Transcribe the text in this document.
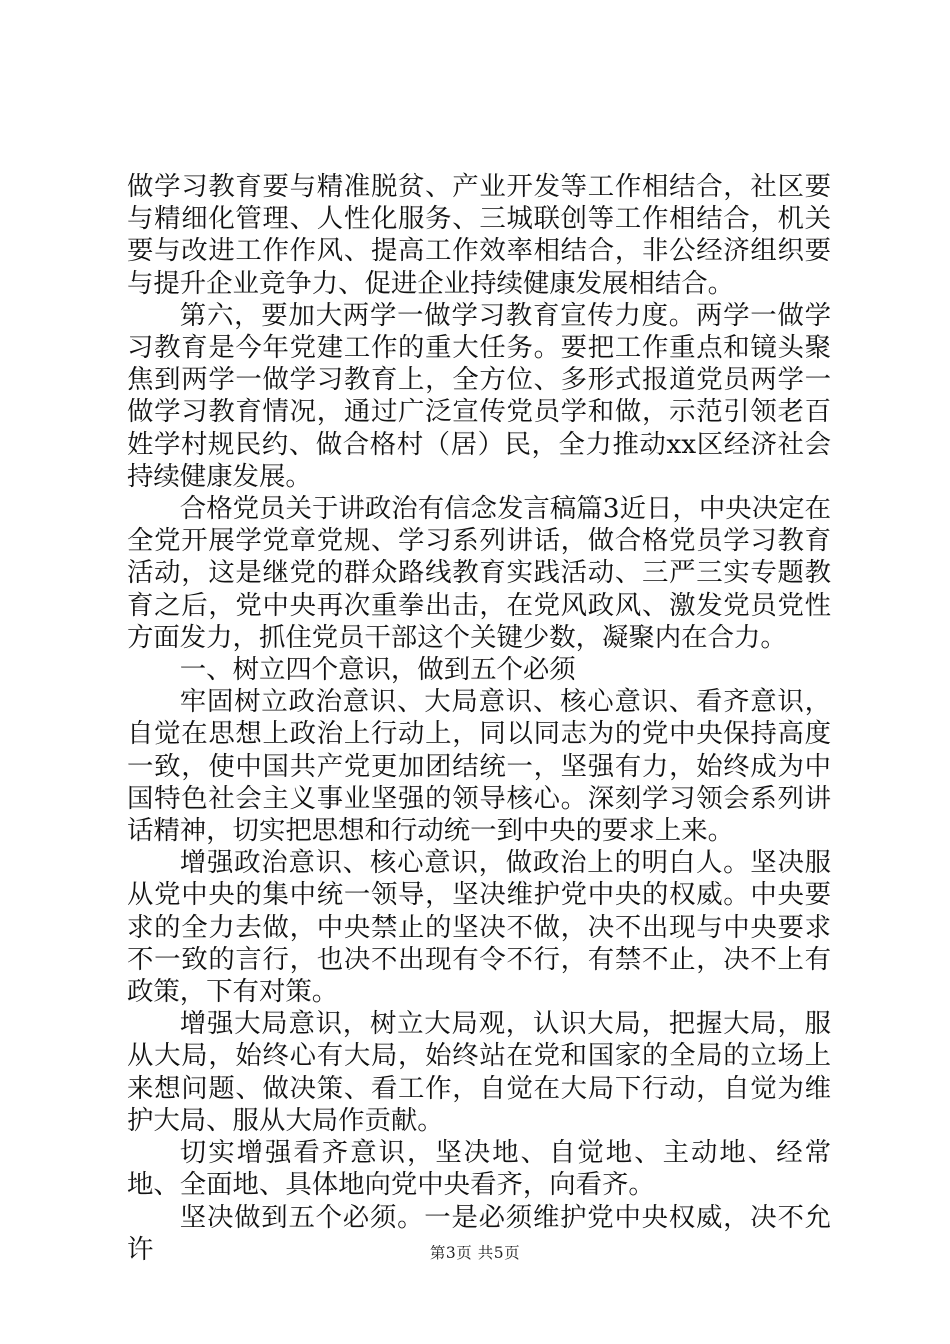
做学习教育要与精准脱贫、产业开发等工作相结合，社区要与精细化管理、人性化服务、三城联创等工作相结合，机关要与改进工作作风、提高工作效率相结合，非公经济组织要与提升企业竞争力、促进企业持续健康发展相结合。

第六，要加大两学一做学习教育宣传力度。两学一做学习教育是今年党建工作的重大任务。要把工作重点和镜头聚焦到两学一做学习教育上，全方位、多形式报道党员两学一做学习教育情况，通过广泛宣传党员学和做，示范引领老百姓学村规民约、做合格村（居）民，全力推动xx区经济社会持续健康发展。

合格党员关于讲政治有信念发言稿篇3近日，中央决定在全党开展学党章党规、学习系列讲话，做合格党员学习教育活动，这是继党的群众路线教育实践活动、三严三实专题教育之后，党中央再次重拳出击，在党风政风、激发党员党性方面发力，抓住党员干部这个关键少数，凝聚内在合力。

一、树立四个意识，做到五个必须

牢固树立政治意识、大局意识、核心意识、看齐意识，自觉在思想上政治上行动上，同以同志为的党中央保持高度一致，使中国共产党更加团结统一，坚强有力，始终成为中国特色社会主义事业坚强的领导核心。深刻学习领会系列讲话精神，切实把思想和行动统一到中央的要求上来。

增强政治意识、核心意识，做政治上的明白人。坚决服从党中央的集中统一领导，坚决维护党中央的权威。中央要求的全力去做，中央禁止的坚决不做，决不出现与中央要求不一致的言行，也决不出现有令不行，有禁不止，决不上有政策，下有对策。

增强大局意识，树立大局观，认识大局，把握大局，服从大局，始终心有大局，始终站在党和国家的全局的立场上来想问题、做决策、看工作，自觉在大局下行动，自觉为维护大局、服从大局作贡献。

切实增强看齐意识，坚决地、自觉地、主动地、经常地、全面地、具体地向党中央看齐，向看齐。

坚决做到五个必须。一是必须维护党中央权威，决不允许	第3页 共5页
